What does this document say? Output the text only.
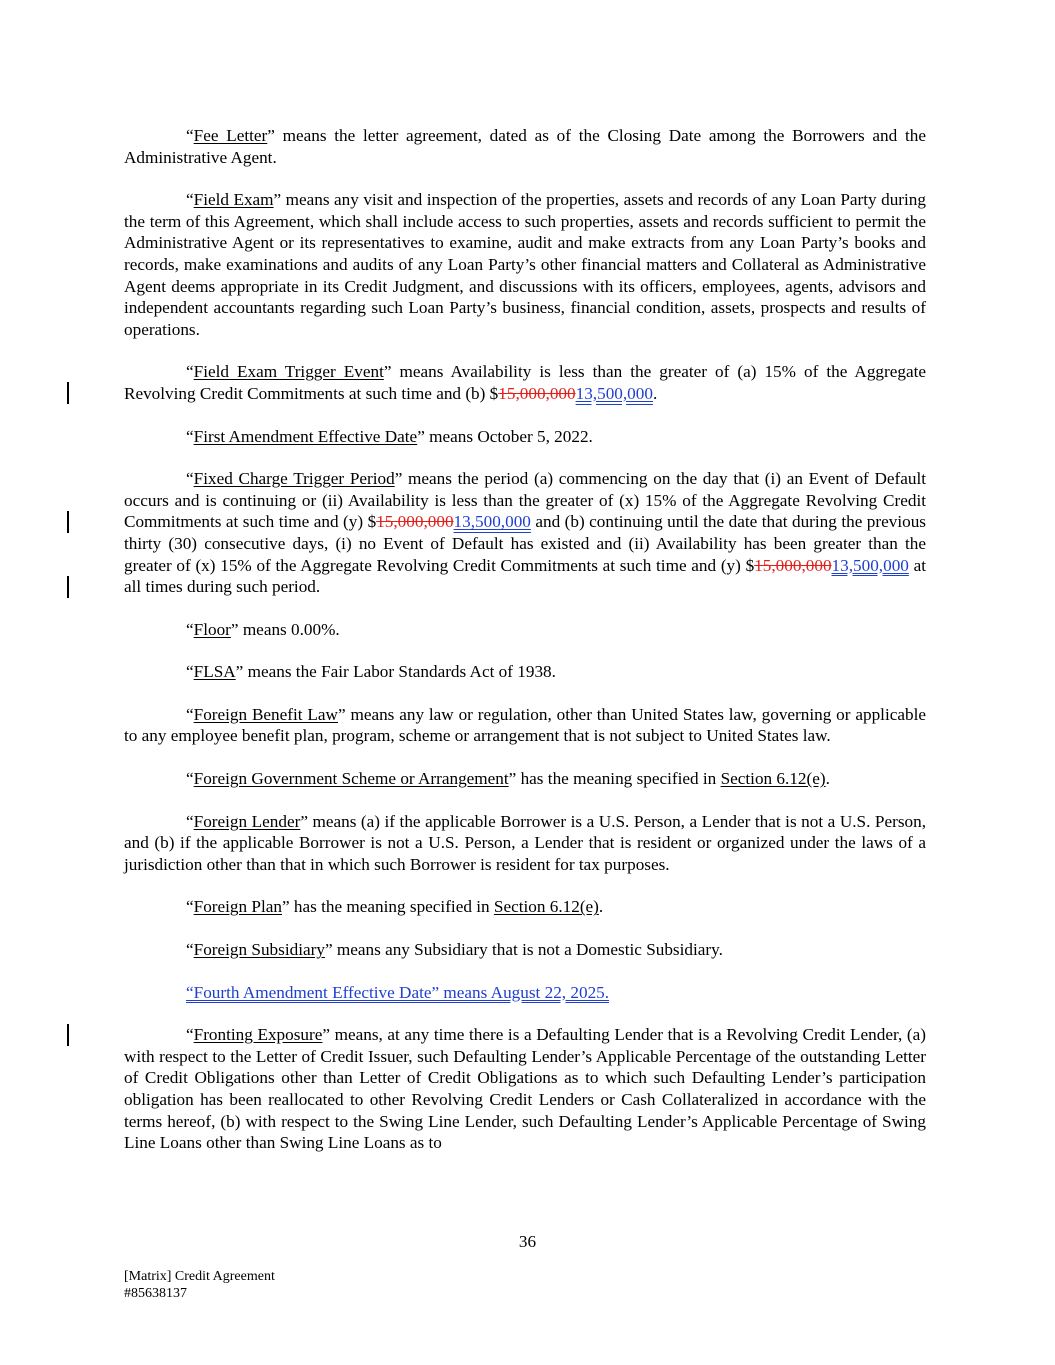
“Fee Letter” means the letter agreement, dated as of the Closing Date among the Borrowers and the Administrative Agent.

“Field Exam” means any visit and inspection of the properties, assets and records of any Loan Party during the term of this Agreement, which shall include access to such properties, assets and records sufficient to permit the Administrative Agent or its representatives to examine, audit and make extracts from any Loan Party’s books and records, make examinations and audits of any Loan Party’s other financial matters and Collateral as Administrative Agent deems appropriate in its Credit Judgment, and discussions with its officers, employees, agents, advisors and independent accountants regarding such Loan Party’s business, financial condition, assets, prospects and results of operations.

“Field Exam Trigger Event” means Availability is less than the greater of (a) 15% of the Aggregate Revolving Credit Commitments at such time and (b) $15,000,00013,500,000.

“First Amendment Effective Date” means October 5, 2022.

“Fixed Charge Trigger Period” means the period (a) commencing on the day that (i) an Event of Default occurs and is continuing or (ii) Availability is less than the greater of (x) 15% of the Aggregate Revolving Credit Commitments at such time and (y) $15,000,00013,500,000 and (b) continuing until the date that during the previous thirty (30) consecutive days, (i) no Event of Default has existed and (ii) Availability has been greater than the greater of (x) 15% of the Aggregate Revolving Credit Commitments at such time and (y) $15,000,00013,500,000 at all times during such period.

“Floor” means 0.00%.

“FLSA” means the Fair Labor Standards Act of 1938.

“Foreign Benefit Law” means any law or regulation, other than United States law, governing or applicable to any employee benefit plan, program, scheme or arrangement that is not subject to United States law.

“Foreign Government Scheme or Arrangement” has the meaning specified in Section 6.12(e).

“Foreign Lender” means (a) if the applicable Borrower is a U.S. Person, a Lender that is not a U.S. Person, and (b) if the applicable Borrower is not a U.S. Person, a Lender that is resident or organized under the laws of a jurisdiction other than that in which such Borrower is resident for tax purposes.

“Foreign Plan” has the meaning specified in Section 6.12(e).

“Foreign Subsidiary” means any Subsidiary that is not a Domestic Subsidiary.

“Fourth Amendment Effective Date” means August 22, 2025.

“Fronting Exposure” means, at any time there is a Defaulting Lender that is a Revolving Credit Lender, (a) with respect to the Letter of Credit Issuer, such Defaulting Lender’s Applicable Percentage of the outstanding Letter of Credit Obligations other than Letter of Credit Obligations as to which such Defaulting Lender’s participation obligation has been reallocated to other Revolving Credit Lenders or Cash Collateralized in accordance with the terms hereof, (b) with respect to the Swing Line Lender, such Defaulting Lender’s Applicable Percentage of Swing Line Loans other than Swing Line Loans as to

36
[Matrix] Credit Agreement
#85638137
